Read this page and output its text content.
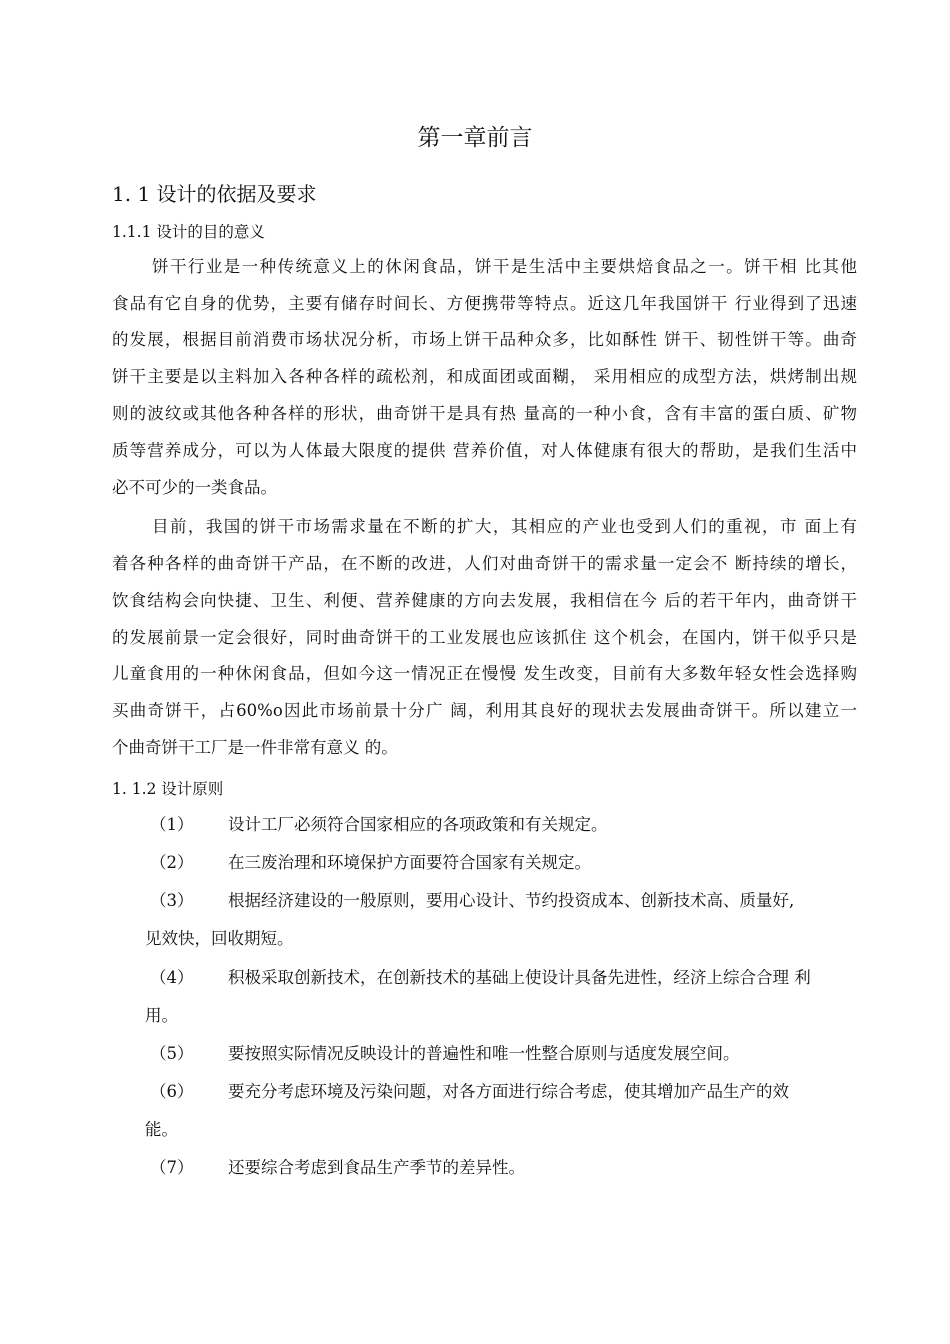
第一章前言
1. 1 设计的依据及要求
1.1.1 设计的目的意义
饼干行业是一种传统意义上的休闲食品，饼干是生活中主要烘焙食品之一。饼干相 比其他
食品有它自身的优势，主要有储存时间长、方便携带等特点。近这几年我国饼干 行业得到了迅速
的发展，根据目前消费市场状况分析，市场上饼干品种众多，比如酥性 饼干、韧性饼干等。曲奇
饼干主要是以主料加入各种各样的疏松剂，和成面团或面糊， 采用相应的成型方法，烘烤制出规
则的波纹或其他各种各样的形状，曲奇饼干是具有热 量高的一种小食，含有丰富的蛋白质、矿物
质等营养成分，可以为人体最大限度的提供 营养价值，对人体健康有很大的帮助，是我们生活中
必不可少的一类食品。
目前，我国的饼干市场需求量在不断的扩大，其相应的产业也受到人们的重视，市 面上有
着各种各样的曲奇饼干产品，在不断的改进，人们对曲奇饼干的需求量一定会不 断持续的增长，
饮食结构会向快捷、卫生、利便、营养健康的方向去发展，我相信在今 后的若干年内，曲奇饼干
的发展前景一定会很好，同时曲奇饼干的工业发展也应该抓住 这个机会，在国内，饼干似乎只是
儿童食用的一种休闲食品，但如今这一情况正在慢慢 发生改变，目前有大多数年轻女性会选择购
买曲奇饼干，占60%o因此市场前景十分广 阔，利用其良好的现状去发展曲奇饼干。所以建立一
个曲奇饼干工厂是一件非常有意义 的。
1. 1.2 设计原则
（1） 设计工厂必须符合国家相应的各项政策和有关规定。
（2） 在三废治理和环境保护方面要符合国家有关规定。
（3） 根据经济建设的一般原则，要用心设计、节约投资成本、创新技术高、质量好,
见效快，回收期短。
（4） 积极采取创新技术，在创新技术的基础上使设计具备先进性，经济上综合合理 利
用。
（5） 要按照实际情况反映设计的普遍性和唯一性整合原则与适度发展空间。
（6） 要充分考虑环境及污染问题，对各方面进行综合考虑，使其增加产品生产的效
能。
（7） 还要综合考虑到食品生产季节的差异性。
